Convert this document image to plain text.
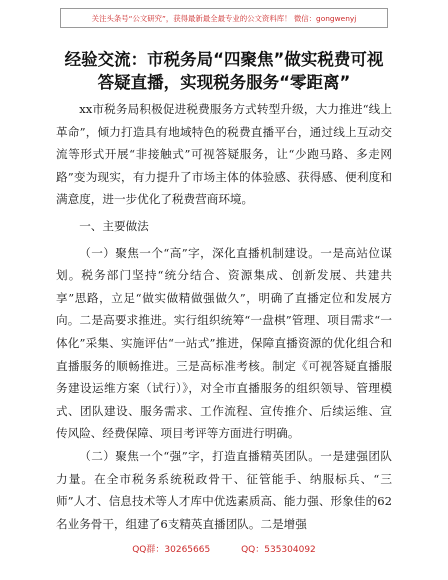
关注头条号“公文研究”，获得最新最全最专业的公文资料库！ 微信：gongwenyj
经验交流：市税务局“四聚焦”做实税费可视
答疑直播，实现税务服务“零距离”

xx市税务局积极促进税费服务方式转型升级，大力推进“线上革命”，倾力打造具有地域特色的税费直播平台，通过线上互动交流等形式开展“非接触式”可视答疑服务，让“少跑马路、多走网路”变为现实，有力提升了市场主体的体验感、获得感、便利度和满意度，进一步优化了税费营商环境。

一、主要做法

（一）聚焦一个“高”字，深化直播机制建设。一是高站位谋划。税务部门坚持“统分结合、资源集成、创新发展、共建共享”思路，立足“做实做精做强做久”，明确了直播定位和发展方向。二是高要求推进。实行组织统筹“一盘棋”管理、项目需求“一体化”采集、实施评估“一站式”推进，保障直播资源的优化组合和直播服务的顺畅推进。三是高标准考核。制定《可视答疑直播服务建设运维方案（试行）》，对全市直播服务的组织领导、管理模式、团队建设、服务需求、工作流程、宣传推介、后续运维、宣传风险、经费保障、项目考评等方面进行明确。

（二）聚焦一个“强”字，打造直播精英团队。一是建强团队力量。在全市税务系统税政骨干、征管能手、纳服标兵、“三师”人才、信息技术等人才库中优选素质高、能力强、形象佳的62名业务骨干，组建了6支精英直播团队。二是增强

QQ群：30265665	QQ：535304092
